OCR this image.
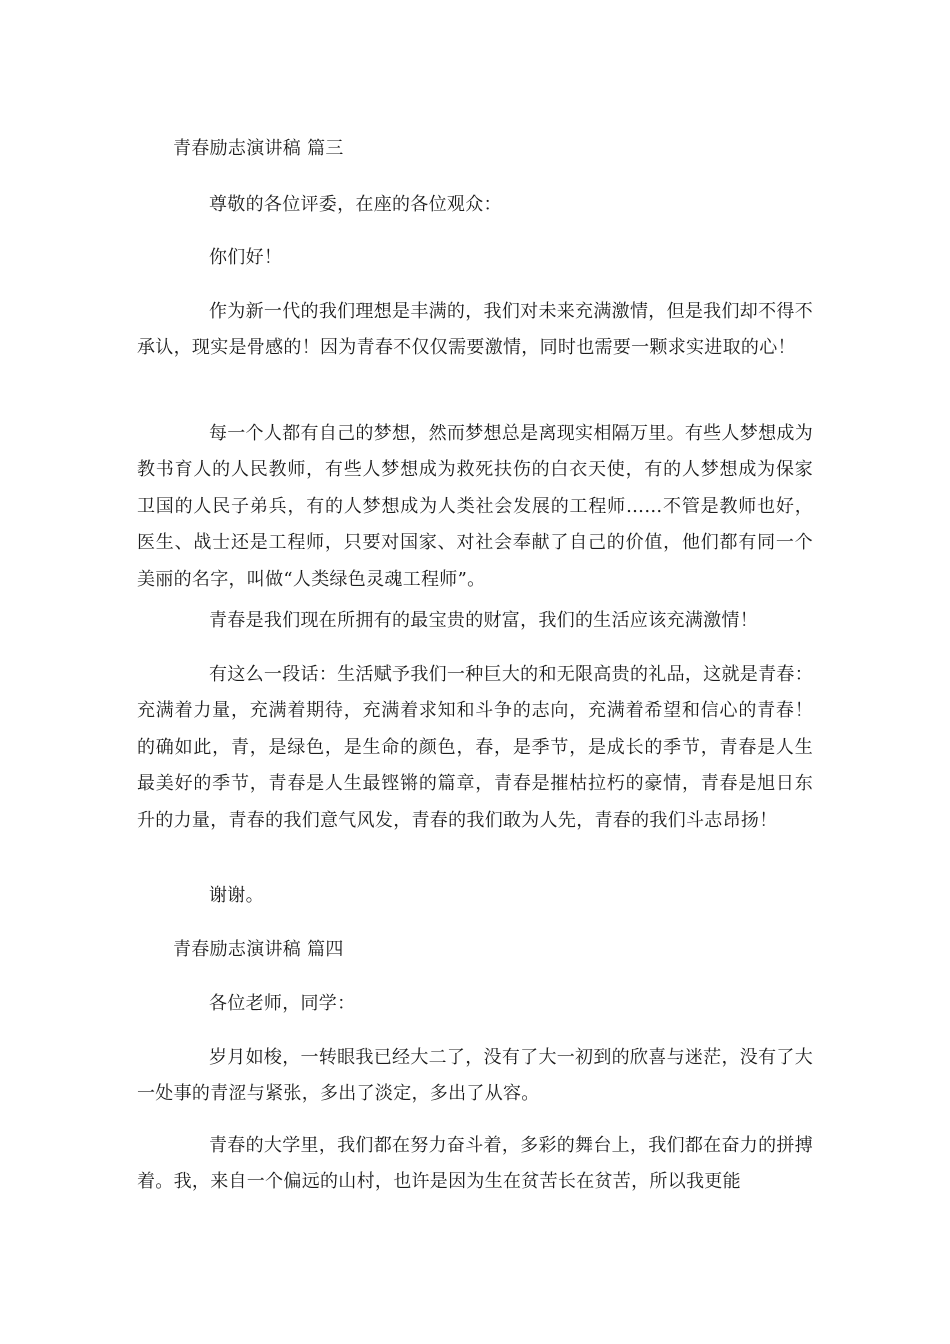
青春励志演讲稿 篇三
尊敬的各位评委，在座的各位观众：
你们好！
作为新一代的我们理想是丰满的，我们对未来充满激情，但是我们却不得不承认，现实是骨感的！因为青春不仅仅需要激情，同时也需要一颗求实进取的心！
每一个人都有自己的梦想，然而梦想总是离现实相隔万里。有些人梦想成为教书育人的人民教师，有些人梦想成为救死扶伤的白衣天使，有的人梦想成为保家卫国的人民子弟兵，有的人梦想成为人类社会发展的工程师……不管是教师也好，医生、战士还是工程师，只要对国家、对社会奉献了自己的价值，他们都有同一个美丽的名字，叫做“人类绿色灵魂工程师”。
青春是我们现在所拥有的最宝贵的财富，我们的生活应该充满激情！
有这么一段话：生活赋予我们一种巨大的和无限高贵的礼品，这就是青春：充满着力量，充满着期待，充满着求知和斗争的志向，充满着希望和信心的青春！的确如此，青，是绿色，是生命的颜色，春，是季节，是成长的季节，青春是人生最美好的季节，青春是人生最铿锵的篇章，青春是摧枯拉朽的豪情，青春是旭日东升的力量，青春的我们意气风发，青春的我们敢为人先，青春的我们斗志昂扬！
谢谢。
青春励志演讲稿 篇四
各位老师，同学：
岁月如梭，一转眼我已经大二了，没有了大一初到的欣喜与迷茫，没有了大一处事的青涩与紧张，多出了淡定，多出了从容。
青春的大学里，我们都在努力奋斗着，多彩的舞台上，我们都在奋力的拼搏着。我，来自一个偏远的山村，也许是因为生在贫苦长在贫苦，所以我更能
